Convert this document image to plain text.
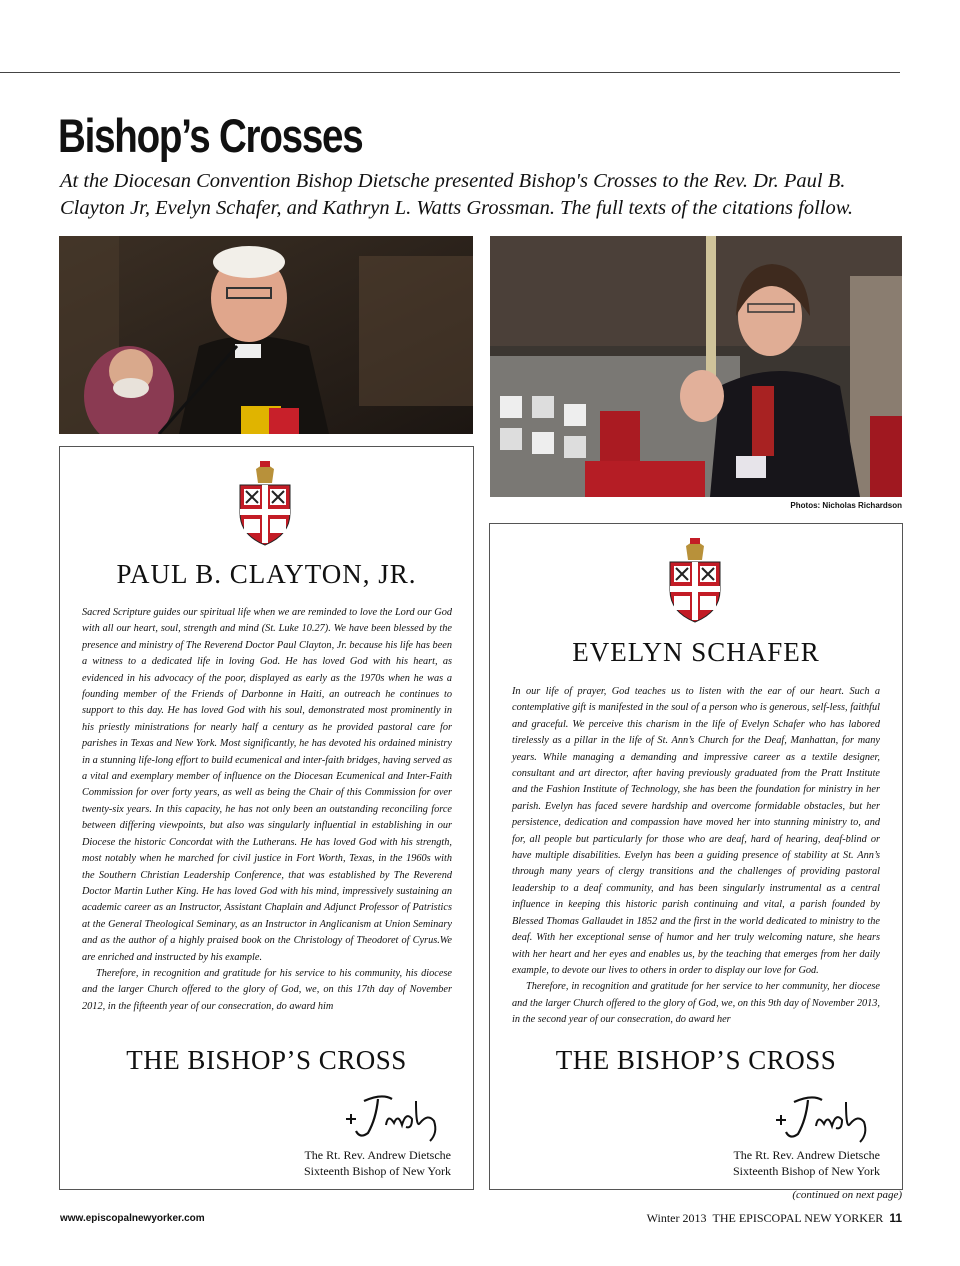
Bishop’s Crosses
At the Diocesan Convention Bishop Dietsche presented Bishop's Crosses to the Rev. Dr. Paul B. Clayton Jr, Evelyn Schafer, and Kathryn L. Watts Grossman. The full texts of the citations follow.
Photos: Nicholas Richardson
PAUL B. CLAYTON, JR.

Sacred Scripture guides our spiritual life when we are reminded to love the Lord our God with all our heart, soul, strength and mind (St. Luke 10.27). We have been blessed by the presence and ministry of The Reverend Doctor Paul Clayton, Jr. because his life has been a witness to a dedicated life in loving God. He has loved God with his heart, as evidenced in his advocacy of the poor, displayed as early as the 1970s when he was a founding member of the Friends of Darbonne in Haiti, an outreach he continues to support to this day. He has loved God with his soul, demonstrated most prominently in his priestly ministrations for nearly half a century as he provided pastoral care for parishes in Texas and New York. Most significantly, he has devoted his ordained ministry in a stunning life-long effort to build ecumenical and inter-faith bridges, having served as a vital and exemplary member of influence on the Diocesan Ecumenical and Inter-Faith Commission for over forty years, as well as being the Chair of this Commission for over twenty-six years. In this capacity, he has not only been an outstanding reconciling force between differing viewpoints, but also was singularly influential in establishing in our Diocese the historic Concordat with the Lutherans. He has loved God with his strength, most notably when he marched for civil justice in Fort Worth, Texas, in the 1960s with the Southern Christian Leadership Conference, that was established by The Reverend Doctor Martin Luther King. He has loved God with his mind, impressively sustaining an academic career as an Instructor, Assistant Chaplain and Adjunct Professor of Patristics at the General Theological Seminary, as an Instructor in Anglicanism at Union Seminary and as the author of a highly praised book on the Christology of Theodoret of Cyrus.We are enriched and instructed by his example.

Therefore, in recognition and gratitude for his service to his community, his diocese and the larger Church offered to the glory of God, we, on this 17th day of November 2012, in the fifteenth year of our consecration, do award him

THE BISHOP’S CROSS
The Rt. Rev. Andrew Dietsche
Sixteenth Bishop of New York
EVELYN SCHAFER

In our life of prayer, God teaches us to listen with the ear of our heart. Such a contemplative gift is manifested in the soul of a person who is generous, self-less, faithful and graceful. We perceive this charism in the life of Evelyn Schafer who has labored tirelessly as a pillar in the life of St. Ann’s Church for the Deaf, Manhattan, for many years. While managing a demanding and impressive career as a textile designer, consultant and art director, after having previously graduated from the Pratt Institute and the Fashion Institute of Technology, she has been the foundation for ministry in her parish. Evelyn has faced severe hardship and overcome formidable obstacles, but her persistence, dedication and compassion have moved her into stunning ministry to, and for, all people but particularly for those who are deaf, hard of hearing, deaf-blind or have multiple disabilities. Evelyn has been a guiding presence of stability at St. Ann’s through many years of clergy transitions and the challenges of providing pastoral leadership to a deaf community, and has been singularly instrumental as a central influence in keeping this historic parish continuing and vital, a parish founded by Blessed Thomas Gallaudet in 1852 and the first in the world dedicated to ministry to the deaf. With her exceptional sense of humor and her truly welcoming nature, she hears with her heart and her eyes and enables us, by the teaching that emerges from her daily example, to devote our lives to others in order to display our love for God.

Therefore, in recognition and gratitude for her service to her community, her diocese and the larger Church offered to the glory of God, we, on this 9th day of November 2013, in the second year of our consecration, do award her

THE BISHOP’S CROSS
The Rt. Rev. Andrew Dietsche
Sixteenth Bishop of New York
(continued on next page)
www.episcopalnewyorker.com	Winter 2013 THE EPISCOPAL NEW YORKER 11
